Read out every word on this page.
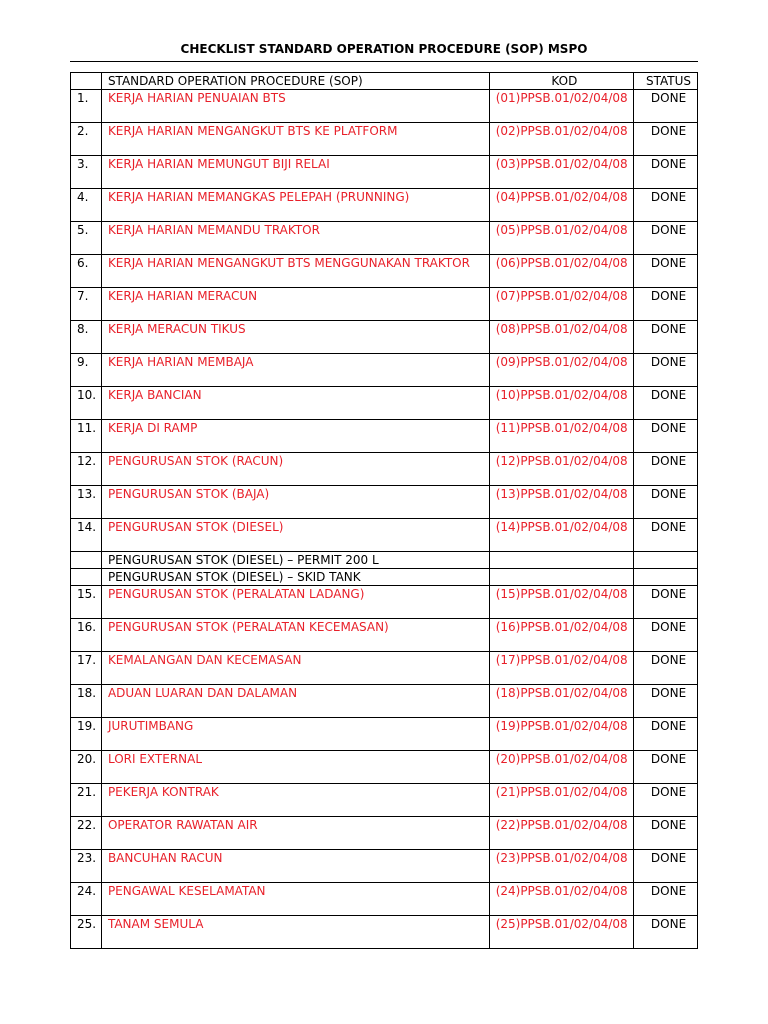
CHECKLIST STANDARD OPERATION PROCEDURE (SOP) MSPO
	STANDARD OPERATION PROCEDURE (SOP)	KOD	STATUS
1.	KERJA HARIAN PENUAIAN BTS	(01)PPSB.01/02/04/08	DONE
2.	KERJA HARIAN MENGANGKUT BTS KE PLATFORM	(02)PPSB.01/02/04/08	DONE
3.	KERJA HARIAN MEMUNGUT BIJI RELAI	(03)PPSB.01/02/04/08	DONE
4.	KERJA HARIAN MEMANGKAS PELEPAH (PRUNNING)	(04)PPSB.01/02/04/08	DONE
5.	KERJA HARIAN MEMANDU TRAKTOR	(05)PPSB.01/02/04/08	DONE
6.	KERJA HARIAN MENGANGKUT BTS MENGGUNAKAN TRAKTOR	(06)PPSB.01/02/04/08	DONE
7.	KERJA HARIAN MERACUN	(07)PPSB.01/02/04/08	DONE
8.	KERJA MERACUN TIKUS	(08)PPSB.01/02/04/08	DONE
9.	KERJA HARIAN MEMBAJA	(09)PPSB.01/02/04/08	DONE
10.	KERJA BANCIAN	(10)PPSB.01/02/04/08	DONE
11.	KERJA DI RAMP	(11)PPSB.01/02/04/08	DONE
12.	PENGURUSAN STOK (RACUN)	(12)PPSB.01/02/04/08	DONE
13.	PENGURUSAN STOK (BAJA)	(13)PPSB.01/02/04/08	DONE
14.	PENGURUSAN STOK (DIESEL)	(14)PPSB.01/02/04/08	DONE
	PENGURUSAN STOK (DIESEL) – PERMIT 200 L		
	PENGURUSAN STOK (DIESEL) – SKID TANK		
15.	PENGURUSAN STOK (PERALATAN LADANG)	(15)PPSB.01/02/04/08	DONE
16.	PENGURUSAN STOK (PERALATAN KECEMASAN)	(16)PPSB.01/02/04/08	DONE
17.	KEMALANGAN DAN KECEMASAN	(17)PPSB.01/02/04/08	DONE
18.	ADUAN LUARAN DAN DALAMAN	(18)PPSB.01/02/04/08	DONE
19.	JURUTIMBANG	(19)PPSB.01/02/04/08	DONE
20.	LORI EXTERNAL	(20)PPSB.01/02/04/08	DONE
21.	PEKERJA KONTRAK	(21)PPSB.01/02/04/08	DONE
22.	OPERATOR RAWATAN AIR	(22)PPSB.01/02/04/08	DONE
23.	BANCUHAN RACUN	(23)PPSB.01/02/04/08	DONE
24.	PENGAWAL KESELAMATAN	(24)PPSB.01/02/04/08	DONE
25.	TANAM SEMULA	(25)PPSB.01/02/04/08	DONE
